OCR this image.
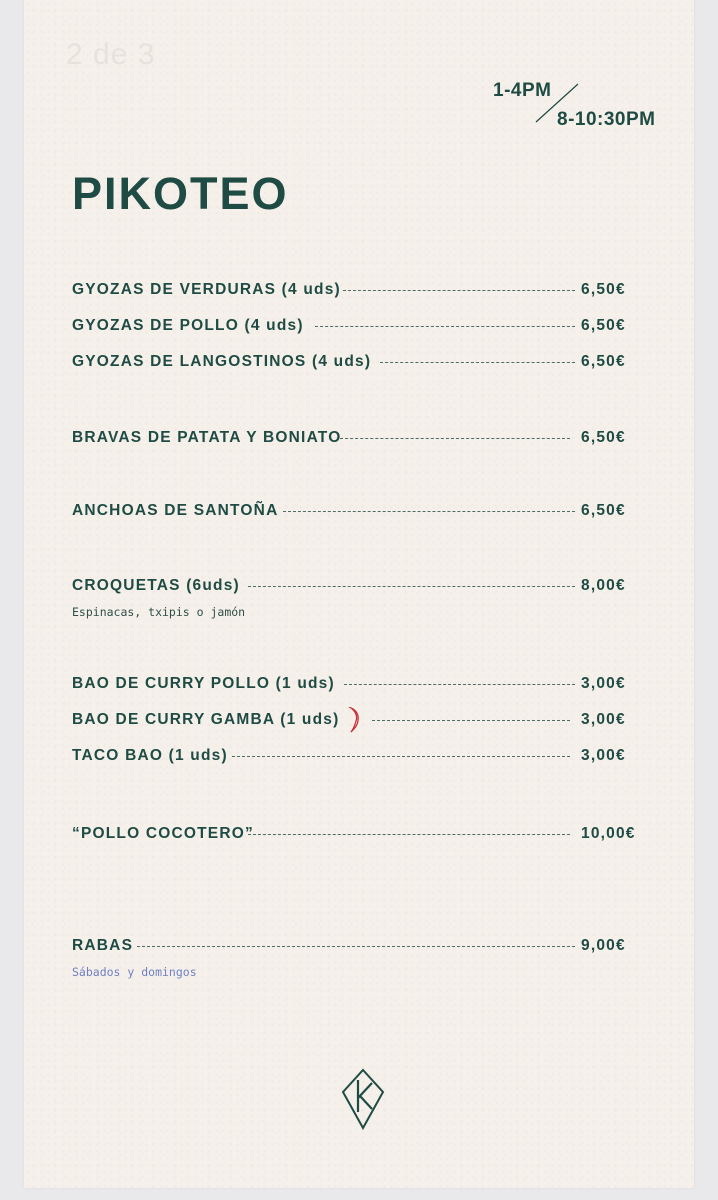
2 de 3
1-4PM
8-10:30PM
PIKOTEO
GYOZAS DE VERDURAS (4 uds)	6,50€
GYOZAS DE POLLO (4 uds)	6,50€
GYOZAS DE LANGOSTINOS (4 uds)	6,50€
BRAVAS DE PATATA Y BONIATO	6,50€
ANCHOAS DE SANTOÑA	6,50€
CROQUETAS (6uds)	8,00€
Espinacas, txipis o jamón
BAO DE CURRY POLLO (1 uds)	3,00€
BAO DE CURRY GAMBA (1 uds)	3,00€
TACO BAO (1 uds)	3,00€
“POLLO COCOTERO”	10,00€
RABAS	9,00€
Sábados y domingos
